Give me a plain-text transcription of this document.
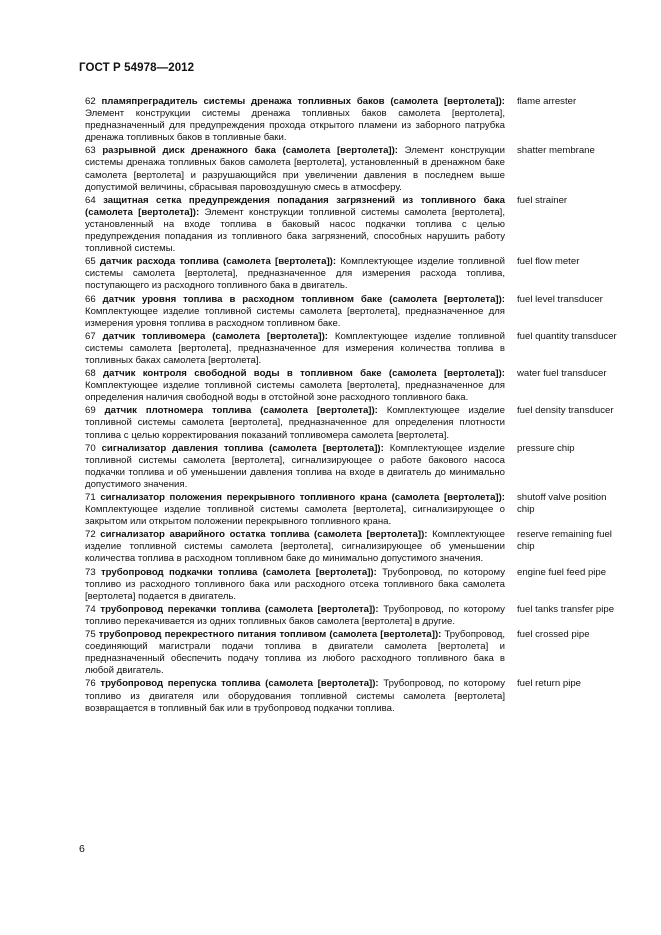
ГОСТ Р 54978—2012
62 пламяпреградитель системы дренажа топливных баков (самолета [вертолета]): Элемент конструкции системы дренажа топливных баков самолета [вертолета], предназначенный для предупреждения прохода открытого пламени из заборного патрубка дренажа топливных баков в топливные баки.
flame arrester
63 разрывной диск дренажного бака (самолета [вертолета]): Элемент конструкции системы дренажа топливных баков самолета [вертолета], установленный в дренажном баке самолета [вертолета] и разрушающийся при увеличении давления в последнем выше допустимой величины, сбрасывая паровоздушную смесь в атмосферу.
shatter membrane
64 защитная сетка предупреждения попадания загрязнений из топливного бака (самолета [вертолета]): Элемент конструкции топливной системы самолета [вертолета], установленный на входе топлива в баковый насос подкачки топлива с целью предупреждения попадания из топливного бака загрязнений, способных нарушить работу топливной системы.
fuel strainer
65 датчик расхода топлива (самолета [вертолета]): Комплектующее изделие топливной системы самолета [вертолета], предназначенное для измерения расхода топлива, поступающего из расходного топливного бака в двигатель.
fuel flow meter
66 датчик уровня топлива в расходном топливном баке (самолета [вертолета]): Комплектующее изделие топливной системы самолета [вертолета], предназначенное для измерения уровня топлива в расходном топливном баке.
fuel level transducer
67 датчик топливомера (самолета [вертолета]): Комплектующее изделие топливной системы самолета [вертолета], предназначенное для измерения количества топлива в топливных баках самолета [вертолета].
fuel quantity transducer
68 датчик контроля свободной воды в топливном баке (самолета [вертолета]): Комплектующее изделие топливной системы самолета [вертолета], предназначенное для определения наличия свободной воды в отстойной зоне расходного топливного бака.
water fuel transducer
69 датчик плотномера топлива (самолета [вертолета]): Комплектующее изделие топливной системы самолета [вертолета], предназначенное для определения плотности топлива с целью корректирования показаний топливомера самолета [вертолета].
fuel density transducer
70 сигнализатор давления топлива (самолета [вертолета]): Комплектующее изделие топливной системы самолета [вертолета], сигнализирующее о работе бакового насоса подкачки топлива и об уменьшении давления топлива на входе в двигатель до минимально допустимого значения.
pressure chip
71 сигнализатор положения перекрывного топливного крана (самолета [вертолета]): Комплектующее изделие топливной системы самолета [вертолета], сигнализирующее о закрытом или открытом положении перекрывного топливного крана.
shutoff valve position chip
72 сигнализатор аварийного остатка топлива (самолета [вертолета]): Комплектующее изделие топливной системы самолета [вертолета], сигнализирующее об уменьшении количества топлива в расходном топливном баке до минимально допустимого значения.
reserve remaining fuel chip
73 трубопровод подкачки топлива (самолета [вертолета]): Трубопровод, по которому топливо из расходного топливного бака или расходного отсека топливного бака самолета [вертолета] подается в двигатель.
engine fuel feed pipe
74 трубопровод перекачки топлива (самолета [вертолета]): Трубопровод, по которому топливо перекачивается из одних топливных баков самолета [вертолета] в другие.
fuel tanks transfer pipe
75 трубопровод перекрестного питания топливом (самолета [вертолета]): Трубопровод, соединяющий магистрали подачи топлива в двигатели самолета [вертолета] и предназначенный обеспечить подачу топлива из любого расходного топливного бака в любой двигатель.
fuel crossed pipe
76 трубопровод перепуска топлива (самолета [вертолета]): Трубопровод, по которому топливо из двигателя или оборудования топливной системы самолета [вертолета] возвращается в топливный бак или в трубопровод подкачки топлива.
fuel return pipe
6
